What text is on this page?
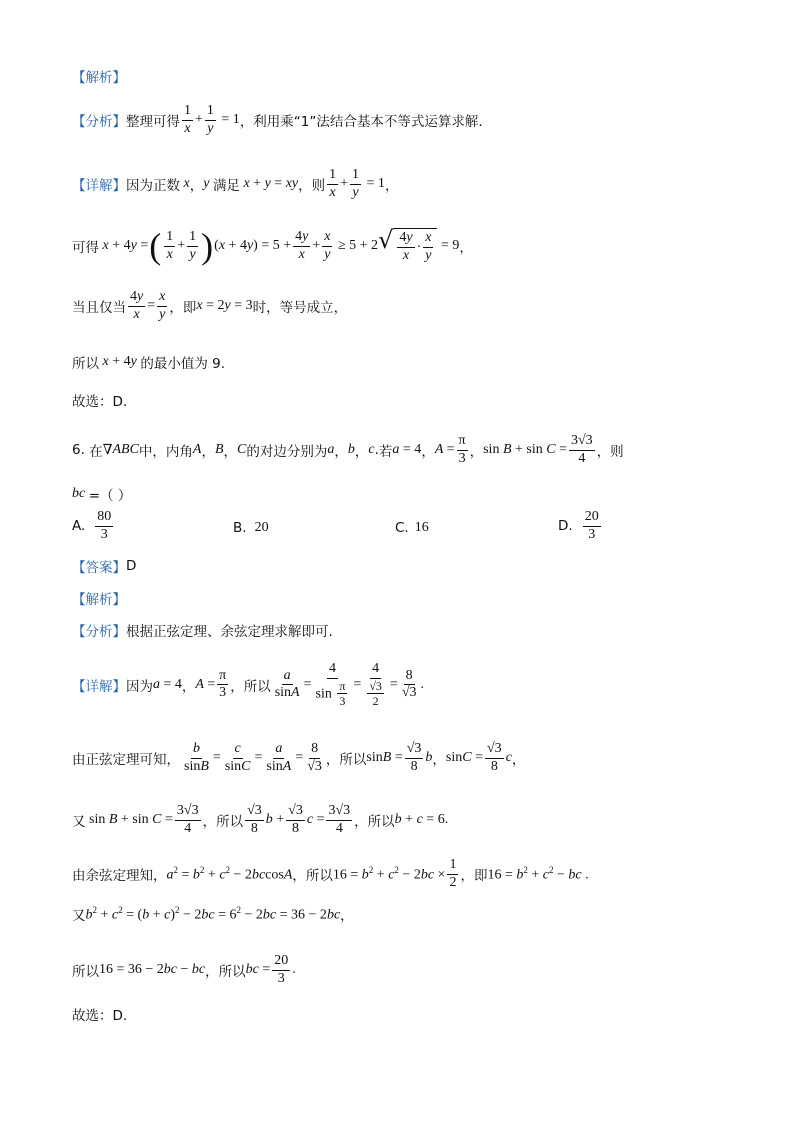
【解析】
【分析】 整理可得 $\frac{1}{x} + \frac{1}{y} = 1$ ，利用乘“1”法结合基本不等式运算求解.
【详解】 因为正数 x ， y 满足 x + y = xy ，则 $\frac{1}{x} + \frac{1}{y} = 1$ ，
可得 x + 4y = ( $\frac{1}{x} + \frac{1}{y}$ ) $(x + 4y) = 5 + \frac{4y}{x} + \frac{x}{y} \ge 5 + 2$ √ $\frac{4y}{x} \cdot \frac{x}{y} = 9$ ，
当且仅当 $\frac{4y}{x} = \frac{x}{y}$ ，即 x = 2y = 3 时，等号成立，
所以 x + 4y 的最小值为 9.
故选：D.
6.
在 ∇ ABC 中，内角 A ， B ， C 的对边分别为 a ， b ， c . 若 a = 4 ， $A = \frac{\pi}{3}$ ， $\sin B + \sin C = \frac{3√3}{4}$ ，则
bc =（ ）
A. $\frac{80}{3}$	B. 20	C. 16	D. $\frac{20}{3}$
【答案】 D
【解析】
【分析】 根据正弦定理、余弦定理求解即可.
【详解】 因为 a = 4 ， $A = \frac{\pi}{3}$ ，所以 $\frac{a}{\sin A} = \frac{4}{\sin \frac{\pi}{3}} = \frac{4}{\frac{√3}{2}} = \frac{8}{√3}$ .
由正弦定理可知， $\frac{b}{\sin B} = \frac{c}{\sin C} = \frac{a}{\sin A} = \frac{8}{√3}$ ，所以 $\sin B = \frac{√3}{8}$ b ， $\sin C = \frac{√3}{8}$ c ，
又 $\sin B + \sin C = \frac{3√3}{4}$ ，所以 $\frac{√3}{8}$ $b + \frac{√3}{8}$ $c = \frac{3√3}{4}$ ，所以 b + c = 6.
由余弦定理知， $a^2 = b^2 + c^2 - 2bccosA$ ，所以 $16 = b^2 + c^2 - 2bc \times \frac{1}{2}$ ，即 $16 = b^2 + c^2$ − bc .
又 $b^2 + c^2 = (b + c)^2 - 2bc = 6^2 - 2bc = 36 - 2bc$ ，
所以 16 = 36 − 2bc − bc ，所以 bc = $\frac{20}{3}$ .
故选：D.
